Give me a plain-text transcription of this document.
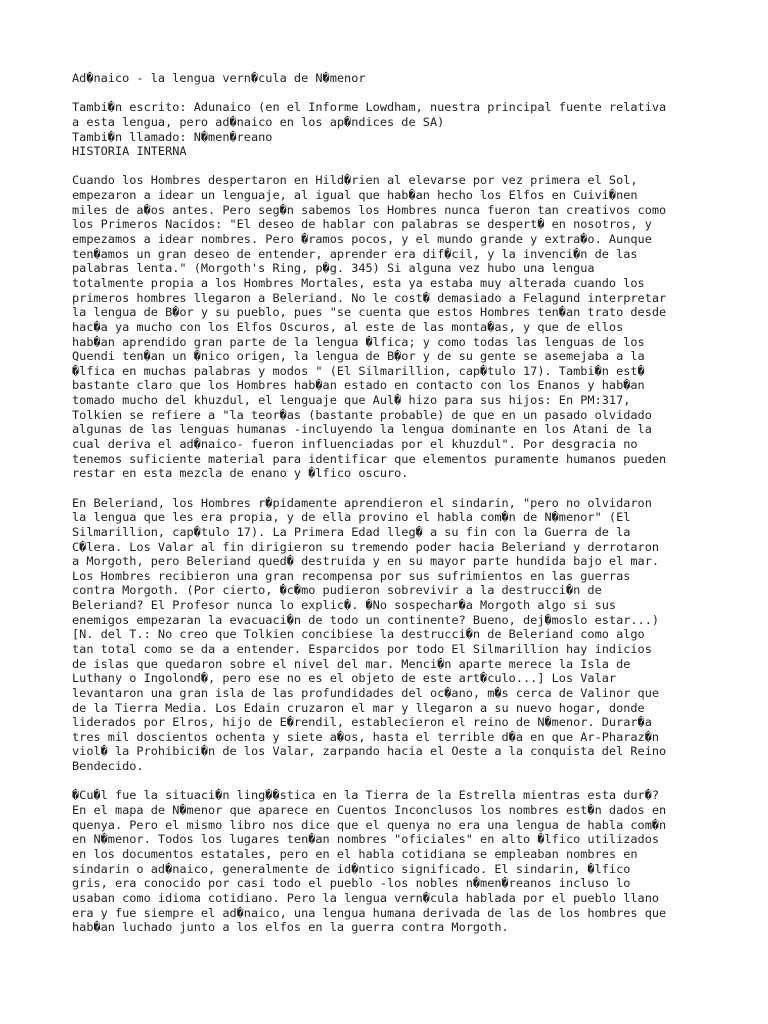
Ad�naico - la lengua vern�cula de N�menor
Tambi�n escrito: Adunaico (en el Informe Lowdham, nuestra principal fuente relativa
a esta lengua, pero ad�naico en los ap�ndices de SA)
Tambi�n llamado: N�men�reano
HISTORIA INTERNA
Cuando los Hombres despertaron en Hild�rien al elevarse por vez primera el Sol,
empezaron a idear un lenguaje, al igual que hab�an hecho los Elfos en Cuivi�nen
miles de a�os antes. Pero seg�n sabemos los Hombres nunca fueron tan creativos como
los Primeros Nacidos: "El deseo de hablar con palabras se despert� en nosotros, y
empezamos a idear nombres. Pero �ramos pocos, y el mundo grande y extra�o. Aunque
ten�amos un gran deseo de entender, aprender era dif�cil, y la invenci�n de las
palabras lenta." (Morgoth's Ring, p�g. 345) Si alguna vez hubo una lengua
totalmente propia a los Hombres Mortales, esta ya estaba muy alterada cuando los
primeros hombres llegaron a Beleriand. No le cost� demasiado a Felagund interpretar
la lengua de B�or y su pueblo, pues "se cuenta que estos Hombres ten�an trato desde
hac�a ya mucho con los Elfos Oscuros, al este de las monta�as, y que de ellos
hab�an aprendido gran parte de la lengua �lfica; y como todas las lenguas de los
Quendi ten�an un �nico origen, la lengua de B�or y de su gente se asemejaba a la
�lfica en muchas palabras y modos " (El Silmarillion, cap�tulo 17). Tambi�n est�
bastante claro que los Hombres hab�an estado en contacto con los Enanos y hab�an
tomado mucho del khuzdul, el lenguaje que Aul� hizo para sus hijos: En PM:317,
Tolkien se refiere a "la teor�as (bastante probable) de que en un pasado olvidado
algunas de las lenguas humanas -incluyendo la lengua dominante en los Atani de la
cual deriva el ad�naico- fueron influenciadas por el khuzdul". Por desgracia no
tenemos suficiente material para identificar que elementos puramente humanos pueden
restar en esta mezcla de enano y �lfico oscuro.
En Beleriand, los Hombres r�pidamente aprendieron el sindarin, "pero no olvidaron
la lengua que les era propia, y de ella provino el habla com�n de N�menor" (El
Silmarillion, cap�tulo 17). La Primera Edad lleg� a su fin con la Guerra de la
C�lera. Los Valar al fin dirigieron su tremendo poder hacia Beleriand y derrotaron
a Morgoth, pero Beleriand qued� destruida y en su mayor parte hundida bajo el mar.
Los Hombres recibieron una gran recompensa por sus sufrimientos en las guerras
contra Morgoth. (Por cierto, �c�mo pudieron sobrevivir a la destrucci�n de
Beleriand? El Profesor nunca lo explic�. �No sospechar�a Morgoth algo si sus
enemigos empezaran la evacuaci�n de todo un continente? Bueno, dej�moslo estar...)
[N. del T.: No creo que Tolkien concibiese la destrucci�n de Beleriand como algo
tan total como se da a entender. Esparcidos por todo El Silmarillion hay indicios
de islas que quedaron sobre el nivel del mar. Menci�n aparte merece la Isla de
Luthany o Ingolond�, pero ese no es el objeto de este art�culo...] Los Valar
levantaron una gran isla de las profundidades del oc�ano, m�s cerca de Valinor que
de la Tierra Media. Los Edain cruzaron el mar y llegaron a su nuevo hogar, donde
liderados por Elros, hijo de E�rendil, establecieron el reino de N�menor. Durar�a
tres mil doscientos ochenta y siete a�os, hasta el terrible d�a en que Ar-Pharaz�n
viol� la Prohibici�n de los Valar, zarpando hacia el Oeste a la conquista del Reino
Bendecido.
�Cu�l fue la situaci�n ling��stica en la Tierra de la Estrella mientras esta dur�?
En el mapa de N�menor que aparece en Cuentos Inconclusos los nombres est�n dados en
quenya. Pero el mismo libro nos dice que el quenya no era una lengua de habla com�n
en N�menor. Todos los lugares ten�an nombres "oficiales" en alto �lfico utilizados
en los documentos estatales, pero en el habla cotidiana se empleaban nombres en
sindarin o ad�naico, generalmente de id�ntico significado. El sindarin, �lfico
gris, era conocido por casi todo el pueblo -los nobles n�men�reanos incluso lo
usaban como idioma cotidiano. Pero la lengua vern�cula hablada por el pueblo llano
era y fue siempre el ad�naico, una lengua humana derivada de las de los hombres que
hab�an luchado junto a los elfos en la guerra contra Morgoth.
